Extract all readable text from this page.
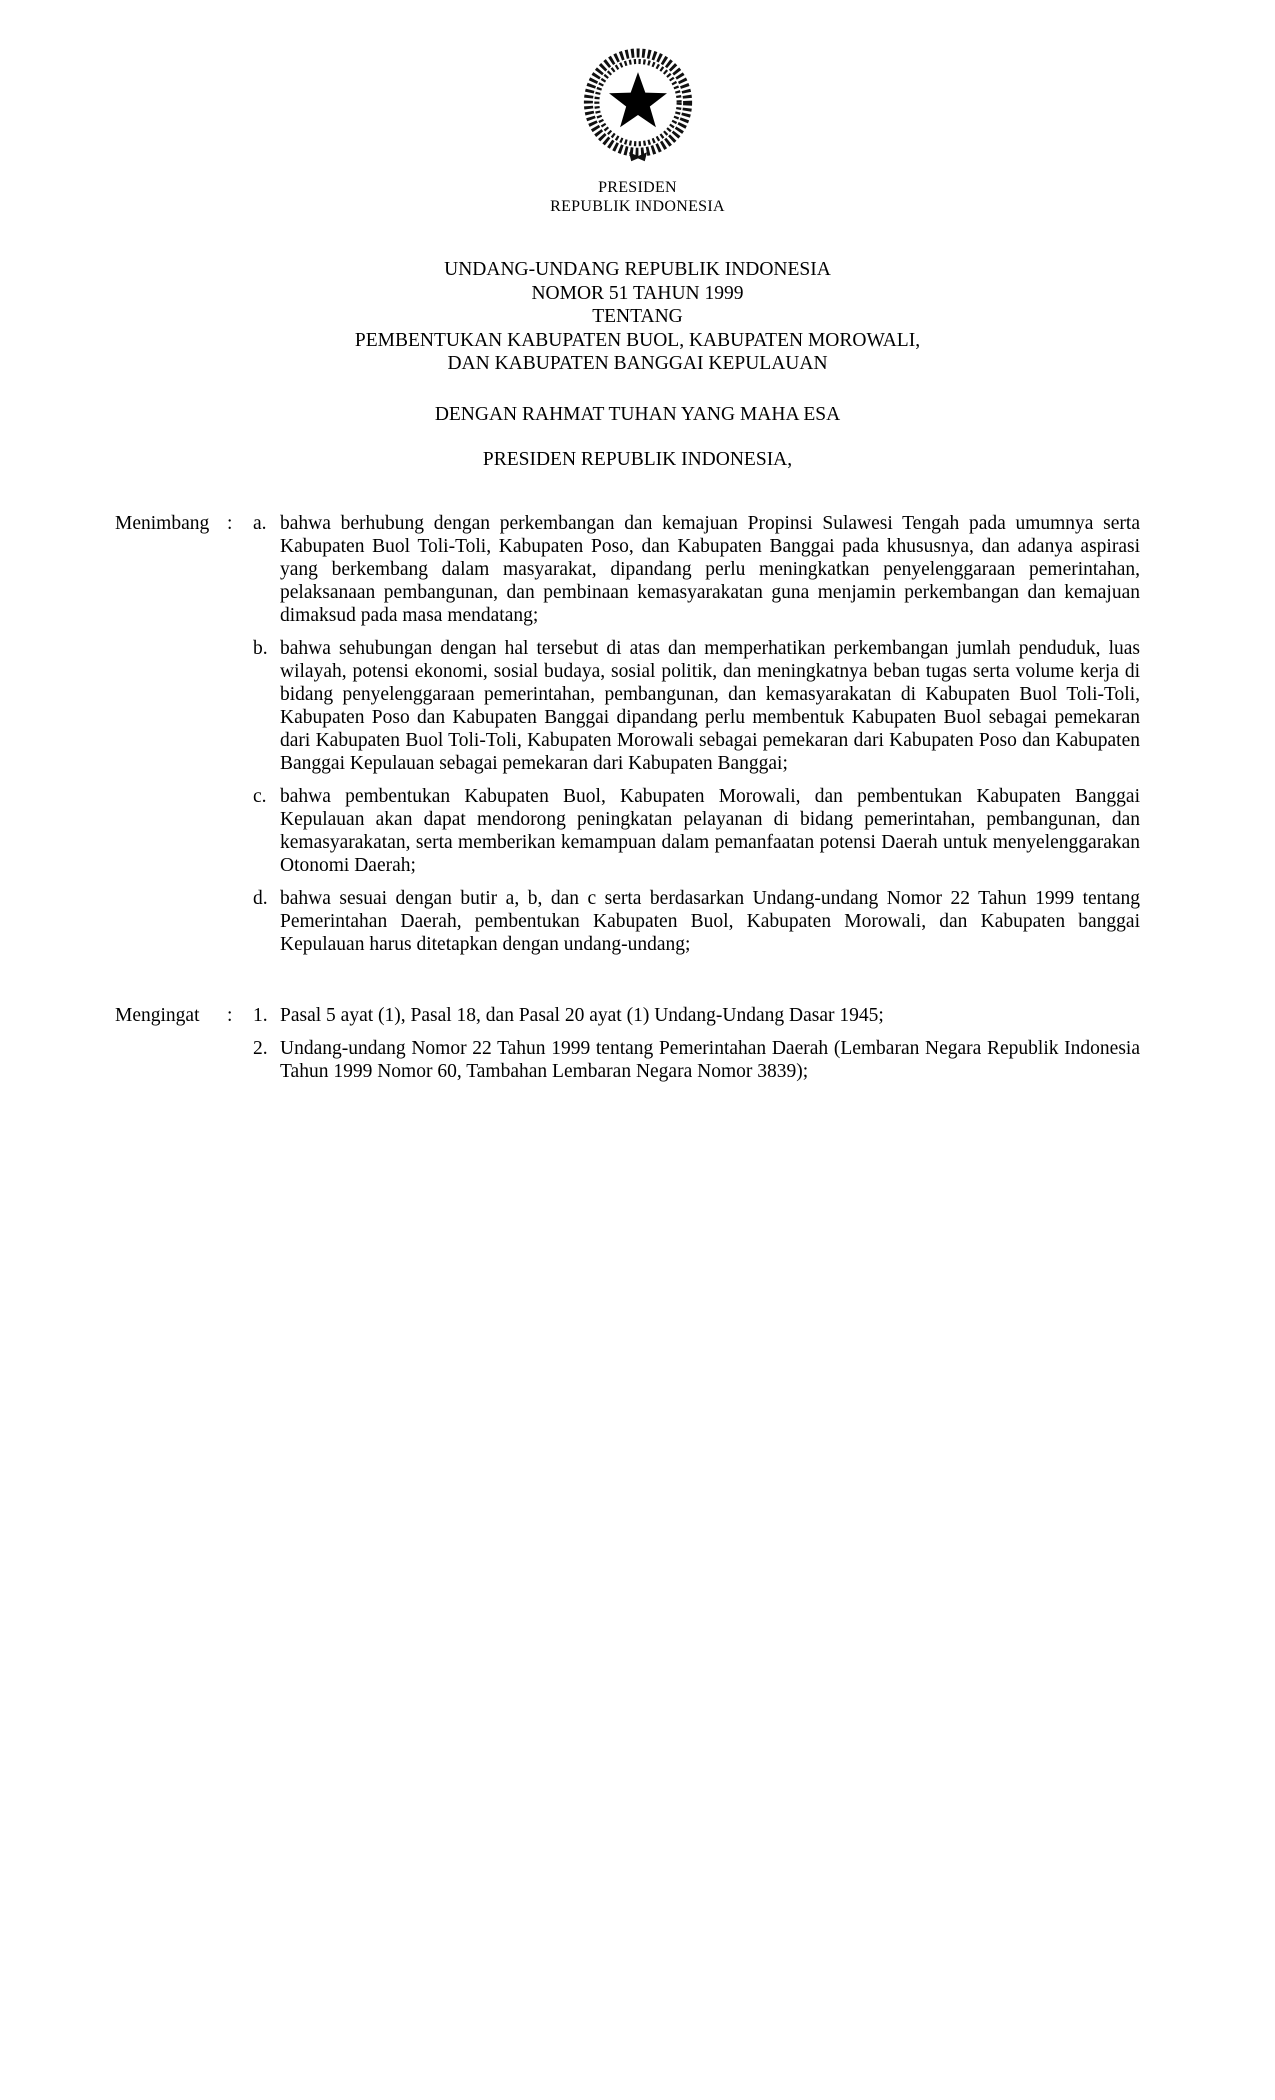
PRESIDEN
REPUBLIK INDONESIA
UNDANG-UNDANG REPUBLIK INDONESIA
NOMOR 51 TAHUN 1999
TENTANG
PEMBENTUKAN KABUPATEN BUOL, KABUPATEN MOROWALI,
DAN KABUPATEN BANGGAI KEPULAUAN
DENGAN RAHMAT TUHAN YANG MAHA ESA
PRESIDEN REPUBLIK INDONESIA,
Menimbang :	a. bahwa berhubung dengan perkembangan dan kemajuan Propinsi Sulawesi Tengah pada umumnya serta Kabupaten Buol Toli-Toli, Kabupaten Poso, dan Kabupaten Banggai pada khususnya, dan adanya aspirasi yang berkembang dalam masyarakat, dipandang perlu meningkatkan penyelenggaraan pemerintahan, pelaksanaan pembangunan, dan pembinaan kemasyarakatan guna menjamin perkembangan dan kemajuan dimaksud pada masa mendatang;
b. bahwa sehubungan dengan hal tersebut di atas dan memperhatikan perkembangan jumlah penduduk, luas wilayah, potensi ekonomi, sosial budaya, sosial politik, dan meningkatnya beban tugas serta volume kerja di bidang penyelenggaraan pemerintahan, pembangunan, dan kemasyarakatan di Kabupaten Buol Toli-Toli, Kabupaten Poso dan Kabupaten Banggai dipandang perlu membentuk Kabupaten Buol sebagai pemekaran dari Kabupaten Buol Toli-Toli, Kabupaten Morowali sebagai pemekaran dari Kabupaten Poso dan Kabupaten Banggai Kepulauan sebagai pemekaran dari Kabupaten Banggai;
c. bahwa pembentukan Kabupaten Buol, Kabupaten Morowali, dan pembentukan Kabupaten Banggai Kepulauan akan dapat mendorong peningkatan pelayanan di bidang pemerintahan, pembangunan, dan kemasyarakatan, serta memberikan kemampuan dalam pemanfaatan potensi Daerah untuk menyelenggarakan Otonomi Daerah;
d. bahwa sesuai dengan butir a, b, dan c serta berdasarkan Undang-undang Nomor 22 Tahun 1999 tentang Pemerintahan Daerah, pembentukan Kabupaten Buol, Kabupaten Morowali, dan Kabupaten banggai Kepulauan harus ditetapkan dengan undang-undang;
Mengingat	:	1. Pasal 5 ayat (1), Pasal 18, dan Pasal 20 ayat (1) Undang-Undang Dasar 1945;
2. Undang-undang Nomor 22 Tahun 1999 tentang Pemerintahan Daerah (Lembaran Negara Republik Indonesia Tahun 1999 Nomor 60, Tambahan Lembaran Negara Nomor 3839);
